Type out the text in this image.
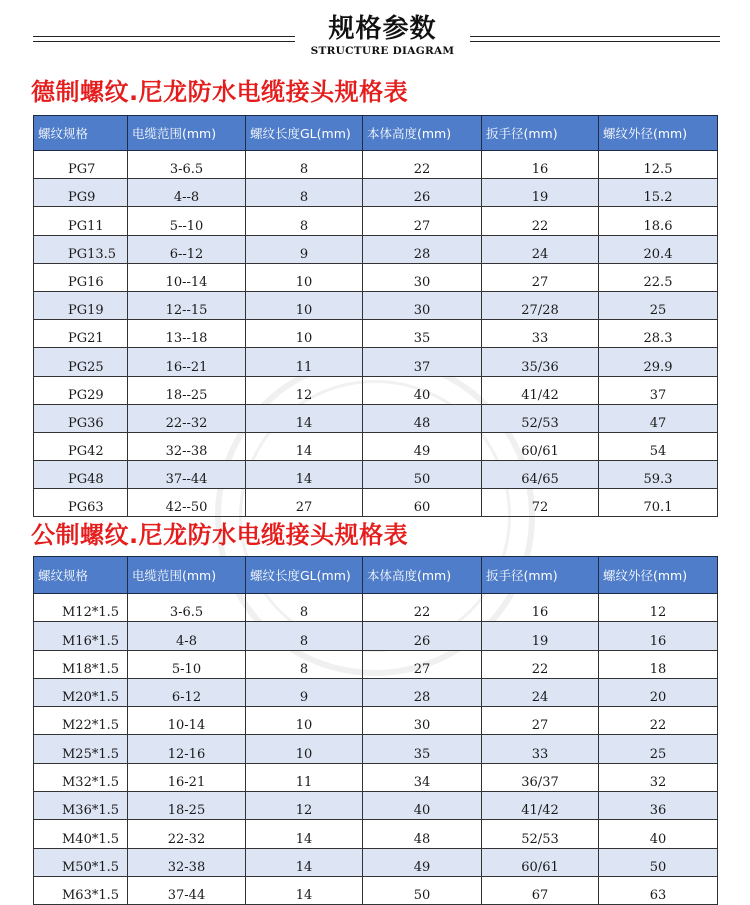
规格参数
STRUCTURE DIAGRAM
德制螺纹.尼龙防水电缆接头规格表
螺纹规格	电缆范围(mm)	螺纹长度GL(mm)	本体高度(mm)	扳手径(mm)	螺纹外径(mm)
PG7	3-6.5	8	22	16	12.5
PG9	4--8	8	26	19	15.2
PG11	5--10	8	27	22	18.6
PG13.5	6--12	9	28	24	20.4
PG16	10--14	10	30	27	22.5
PG19	12--15	10	30	27/28	25
PG21	13--18	10	35	33	28.3
PG25	16--21	11	37	35/36	29.9
PG29	18--25	12	40	41/42	37
PG36	22--32	14	48	52/53	47
PG42	32--38	14	49	60/61	54
PG48	37--44	14	50	64/65	59.3
PG63	42--50	27	60	72	70.1
公制螺纹.尼龙防水电缆接头规格表
螺纹规格	电缆范围(mm)	螺纹长度GL(mm)	本体高度(mm)	扳手径(mm)	螺纹外径(mm)
M12*1.5	3-6.5	8	22	16	12
M16*1.5	4-8	8	26	19	16
M18*1.5	5-10	8	27	22	18
M20*1.5	6-12	9	28	24	20
M22*1.5	10-14	10	30	27	22
M25*1.5	12-16	10	35	33	25
M32*1.5	16-21	11	34	36/37	32
M36*1.5	18-25	12	40	41/42	36
M40*1.5	22-32	14	48	52/53	40
M50*1.5	32-38	14	49	60/61	50
M63*1.5	37-44	14	50	67	63
